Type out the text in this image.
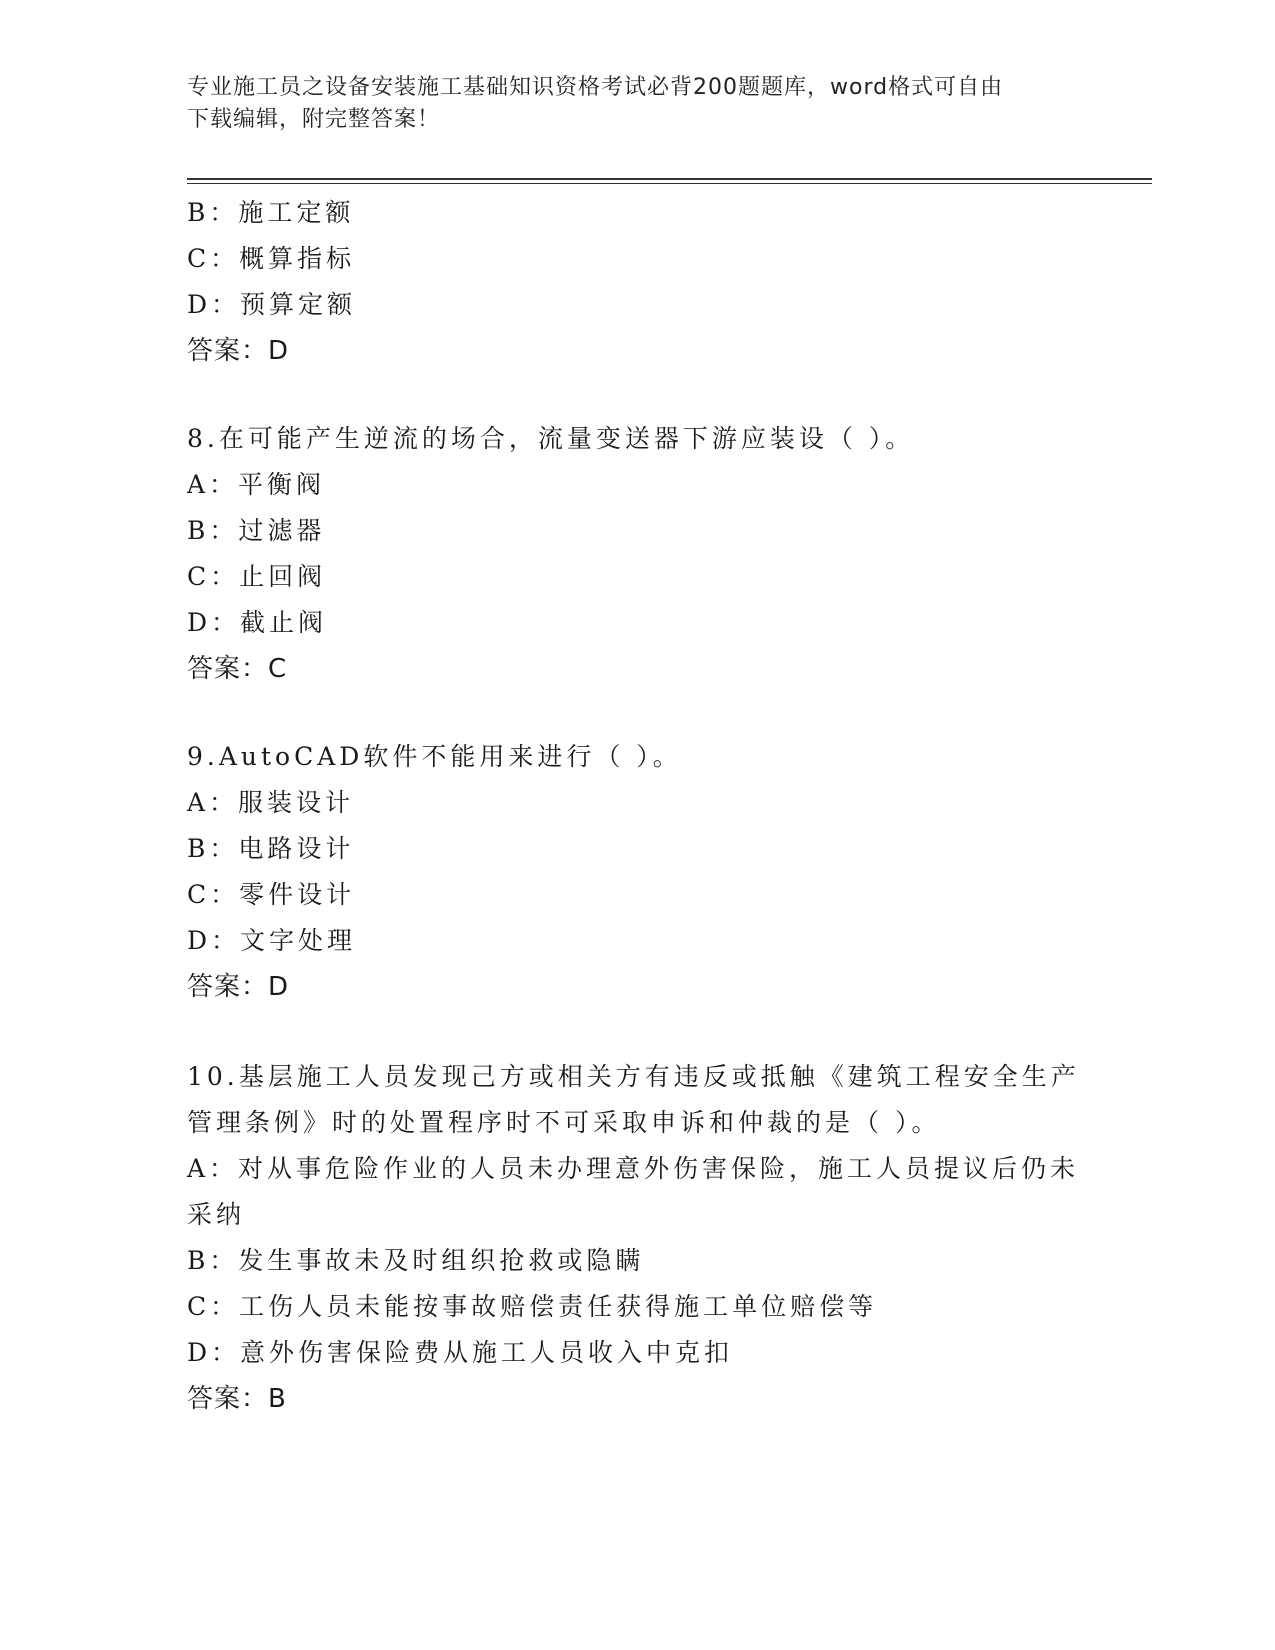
专业施工员之设备安装施工基础知识资格考试必背200题题库，word格式可自由
下载编辑，附完整答案！
B：施工定额
C：概算指标
D：预算定额
答案：D
8.在可能产生逆流的场合，流量变送器下游应装设（ ）。
A：平衡阀
B：过滤器
C：止回阀
D：截止阀
答案：C
9.AutoCAD软件不能用来进行（ ）。
A：服装设计
B：电路设计
C：零件设计
D：文字处理
答案：D
10.基层施工人员发现己方或相关方有违反或抵触《建筑工程安全生产
管理条例》时的处置程序时不可采取申诉和仲裁的是（ ）。
A：对从事危险作业的人员未办理意外伤害保险，施工人员提议后仍未
采纳
B：发生事故未及时组织抢救或隐瞒
C：工伤人员未能按事故赔偿责任获得施工单位赔偿等
D：意外伤害保险费从施工人员收入中克扣
答案：B
